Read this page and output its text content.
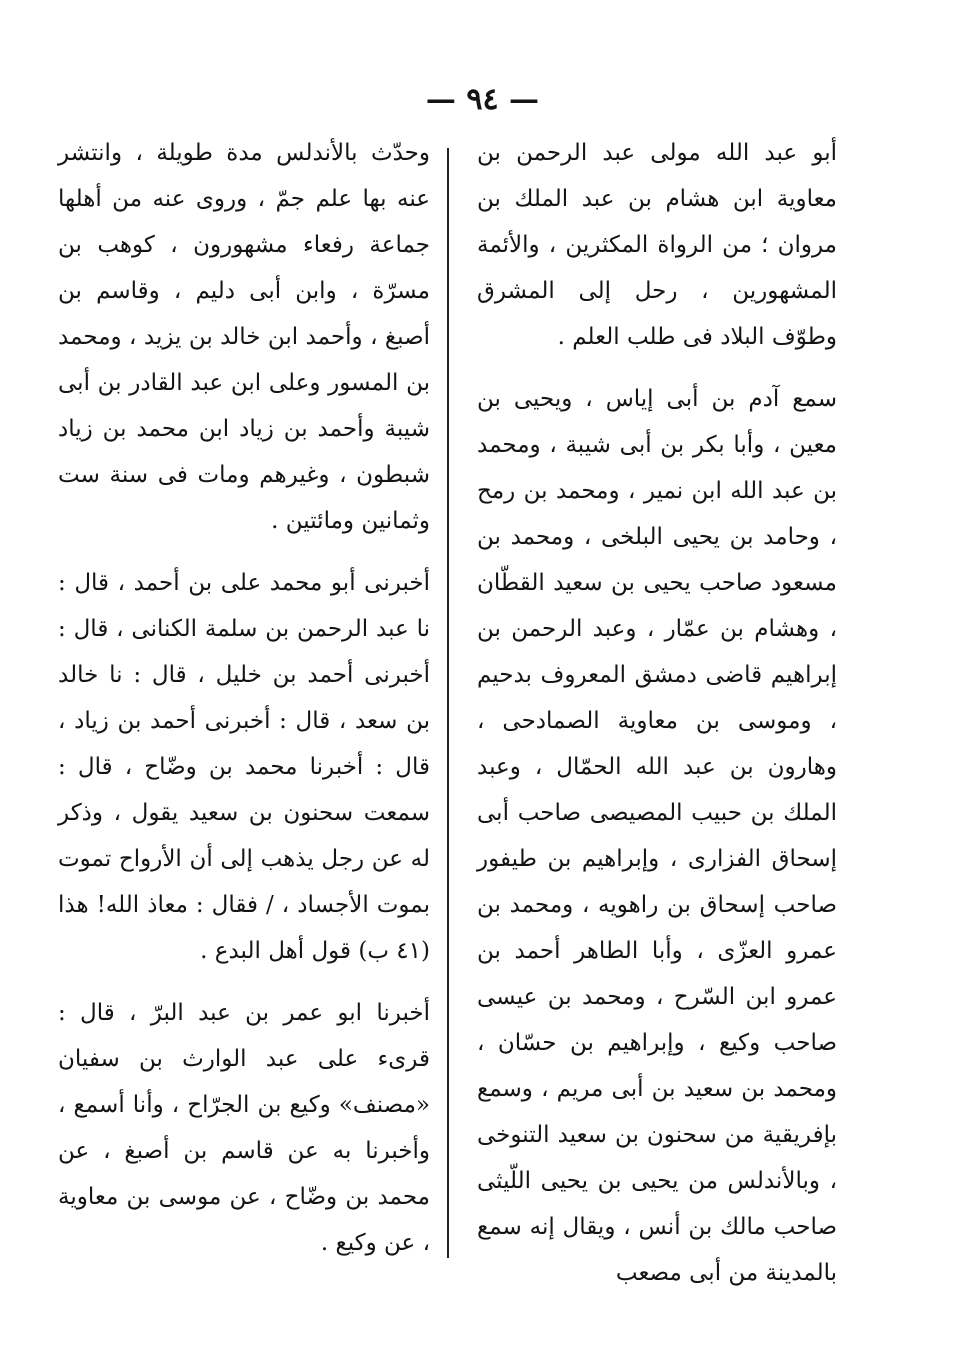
— ٩٤ —

أبو عبد الله مولى عبد الرحمن بن معاوية ابن هشام بن عبد الملك بن مروان ؛ من الرواة المكثرين ، والأئمة المشهورين ، رحل إلى المشرق وطوّف البلاد فى طلب العلم .

سمع آدم بن أبى إياس ، ويحيى بن معين ، وأبا بكر بن أبى شيبة ، ومحمد بن عبد الله ابن نمير ، ومحمد بن رمح ، وحامد بن يحيى البلخى ، ومحمد بن مسعود صاحب يحيى بن سعيد القطّان ، وهشام بن عمّار ، وعبد الرحمن بن إبراهيم قاضى دمشق المعروف بدحيم ، وموسى بن معاوية الصمادحى ، وهارون بن عبد الله الحمّال ، وعبد الملك بن حبيب المصيصى صاحب أبى إسحاق الفزارى ، وإبراهيم بن طيفور صاحب إسحاق بن راهويه ، ومحمد بن عمرو العزّى ، وأبا الطاهر أحمد بن عمرو ابن السّرح ، ومحمد بن عيسى صاحب وكيع ، وإبراهيم بن حسّان ، ومحمد بن سعيد بن أبى مريم ، وسمع بإفريقية من سحنون بن سعيد التنوخى ، وبالأندلس من يحيى بن يحيى اللّيثى صاحب مالك بن أنس ، ويقال إنه سمع بالمدينة من أبى مصعب

وحدّث بالأندلس مدة طويلة ، وانتشر عنه بها علم جمّ ، وروى عنه من أهلها جماعة رفعاء مشهورون ، كوهب بن مسرّة ، وابن أبى دليم ، وقاسم بن أصبغ ، وأحمد ابن خالد بن يزيد ، ومحمد بن المسور وعلى ابن عبد القادر بن أبى شيبة وأحمد بن زياد ابن محمد بن زياد شبطون ، وغيرهم ومات فى سنة ست وثمانين ومائتين .

أخبرنى أبو محمد على بن أحمد ، قال : نا عبد الرحمن بن سلمة الكنانى ، قال : أخبرنى أحمد بن خليل ، قال : نا خالد بن سعد ، قال : أخبرنى أحمد بن زياد ، قال : أخبرنا محمد بن وضّاح ، قال : سمعت سحنون بن سعيد يقول ، وذكر له عن رجل يذهب إلى أن الأرواح تموت بموت الأجساد ، / فقال : معاذ الله! هذا (٤١ ب) قول أهل البدع .

أخبرنا ابو عمر بن عبد البرّ ، قال : قرىء على عبد الوارث بن سفيان «مصنف» وكيع بن الجرّاح ، وأنا أسمع ، وأخبرنا به عن قاسم بن أصبغ ، عن محمد بن وضّاح ، عن موسى بن معاوية ، عن وكيع .
